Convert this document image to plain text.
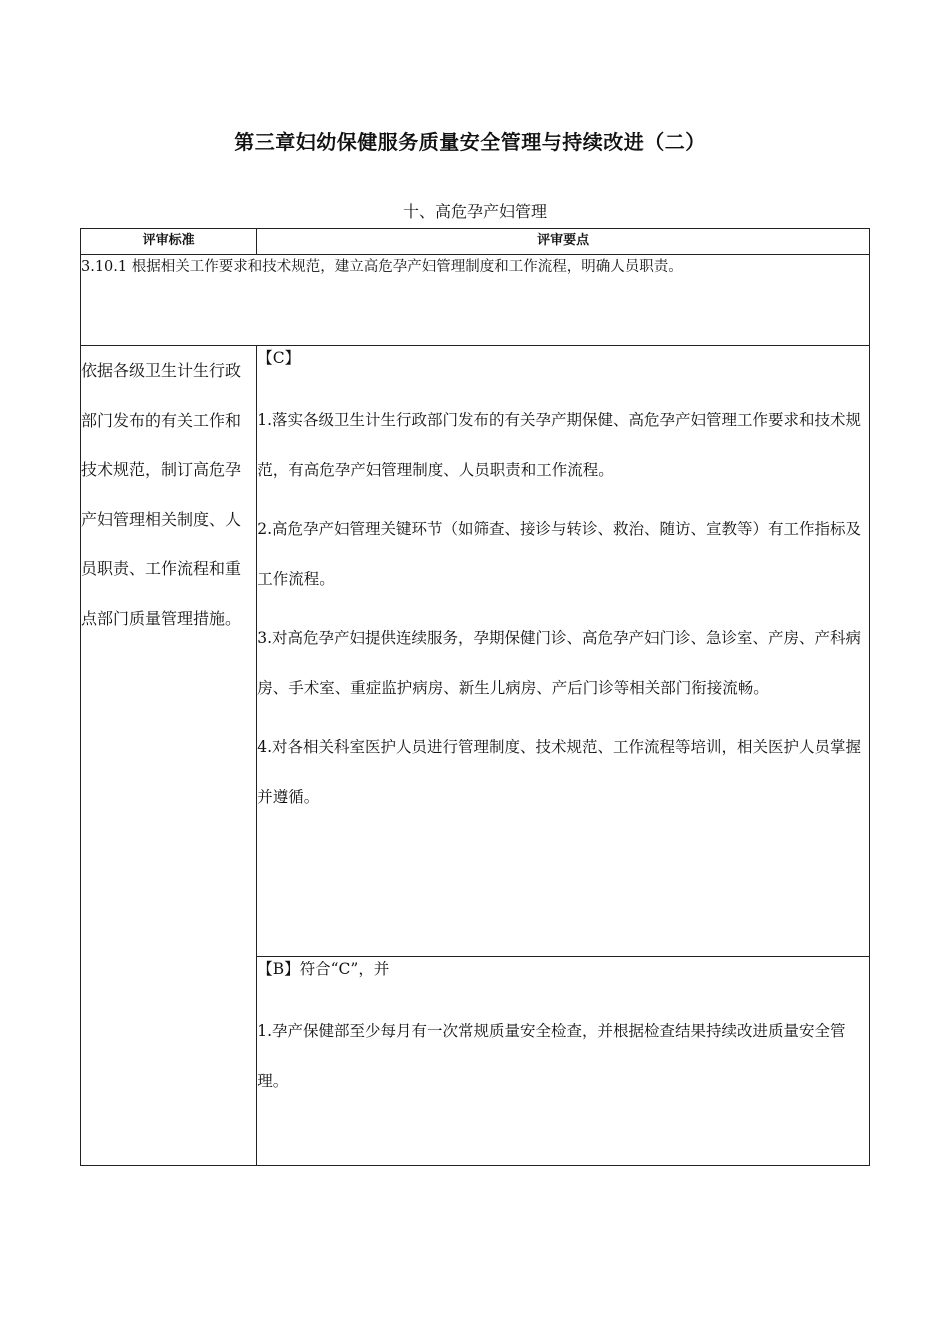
第三章妇幼保健服务质量安全管理与持续改进（二）
十、高危孕产妇管理
评审标准	评审要点
3.10.1 根据相关工作要求和技术规范，建立高危孕产妇管理制度和工作流程，明确人员职责。	

依据各级卫生计生行政部门发布的有关工作和技术规范，制订高危孕产妇管理相关制度、人员职责、工作流程和重点部门质量管理措施。	【C】
1.落实各级卫生计生行政部门发布的有关孕产期保健、高危孕产妇管理工作要求和技术规范，有高危孕产妇管理制度、人员职责和工作流程。
2.高危孕产妇管理关键环节（如筛查、接诊与转诊、救治、随访、宣教等）有工作指标及工作流程。
3.对高危孕产妇提供连续服务，孕期保健门诊、高危孕产妇门诊、急诊室、产房、产科病房、手术室、重症监护病房、新生儿病房、产后门诊等相关部门衔接流畅。
4.对各相关科室医护人员进行管理制度、技术规范、工作流程等培训，相关医护人员掌握并遵循。

	【B】符合“C”，并
1.孕产保健部至少每月有一次常规质量安全检查，并根据检查结果持续改进质量安全管理。
